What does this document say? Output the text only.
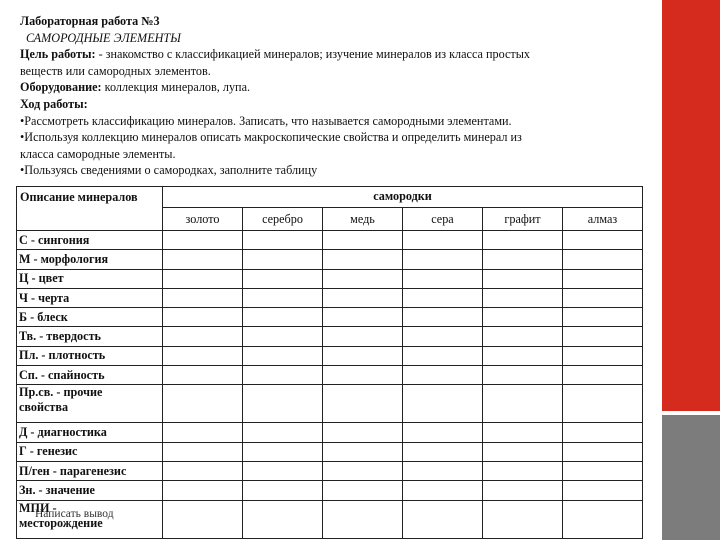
Лабораторная работа №3
САМОРОДНЫЕ ЭЛЕМЕНТЫ
Цель работы: - знакомство с классификацией минералов; изучение минералов из класса простых
веществ или самородных элементов.
Оборудование: коллекция минералов, лупа.
Ход работы:
•Рассмотреть классификацию минералов. Записать, что называется самородными элементами.
•Используя коллекцию минералов описать макроскопические свойства и определить минерал из
класса самородные элементы.
•Пользуясь сведениями о самородках, заполните таблицу
Описание минералов	самородки					
	золото	серебро	медь	сера	графит	алмаз
С - сингония						
М - морфология						
Ц - цвет						
Ч - черта						
Б - блеск						
Тв. - твердость						
Пл. - плотность						
Сп. - спайность						

Пр.св. - прочие
свойства						

Д - диагностика						
Г - генезис						
П/ген - парагенезис						
Зн. - значение						

МПИ -
месторождение
Написать вывод						
